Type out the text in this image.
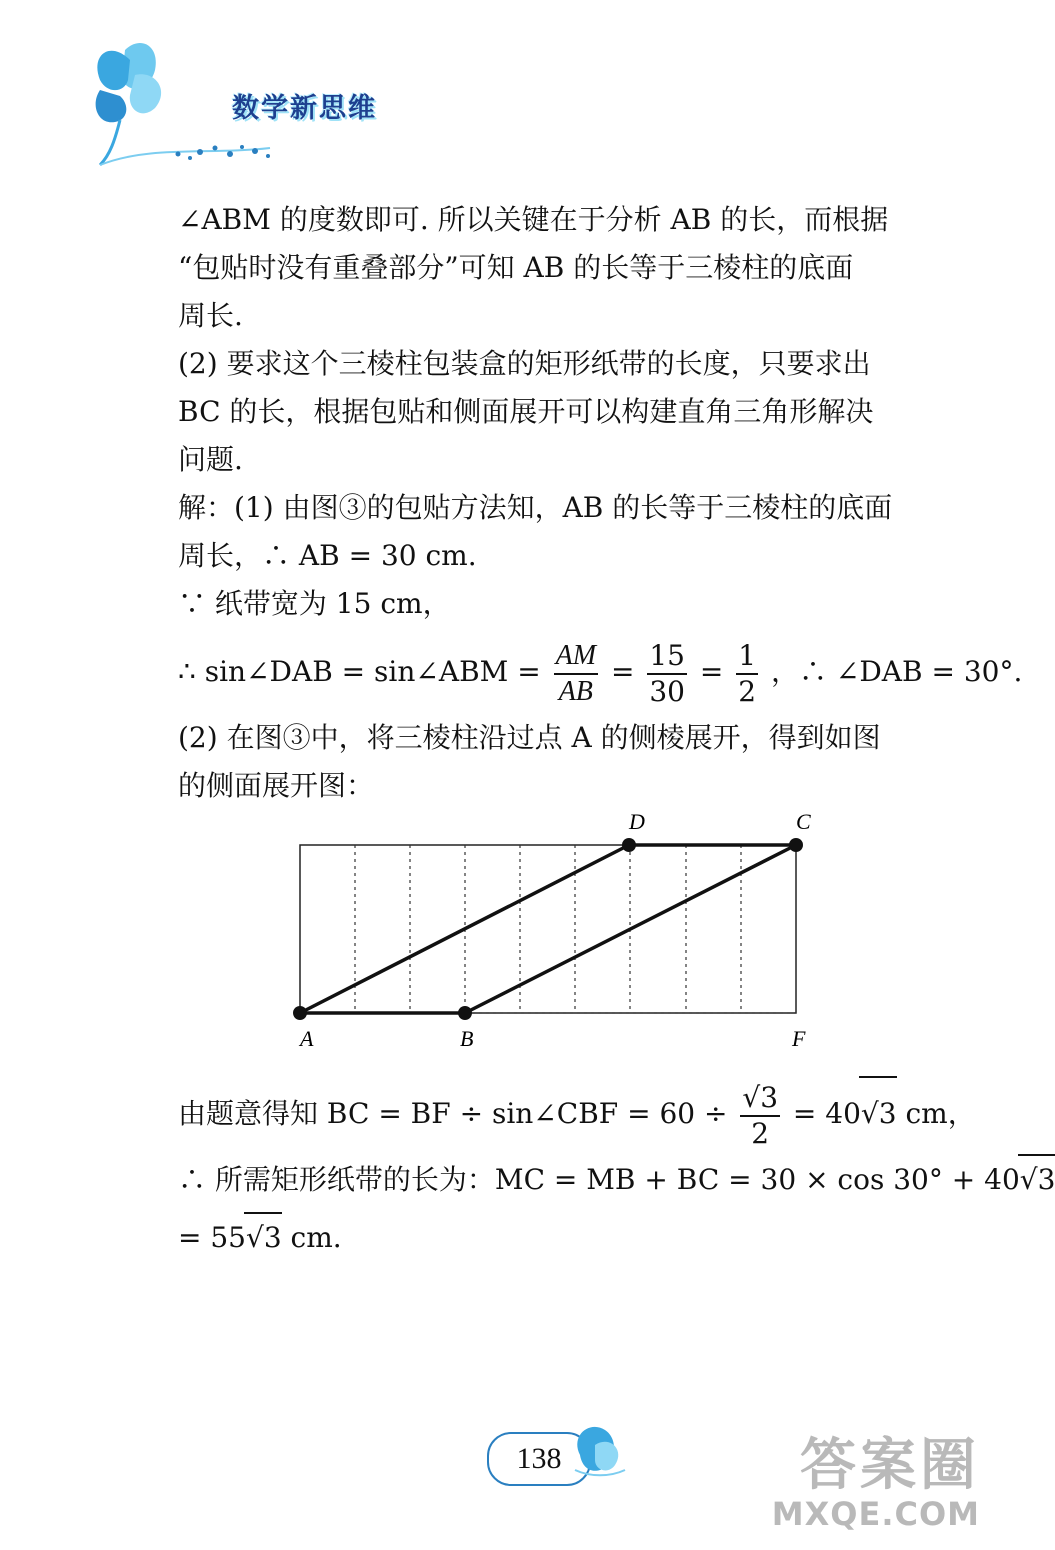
数学新思维
∠ABM 的度数即可. 所以关键在于分析 AB 的长，而根据
“包贴时没有重叠部分”可知 AB 的长等于三棱柱的底面
周长.
(2) 要求这个三棱柱包装盒的矩形纸带的长度，只要求出
BC 的长，根据包贴和侧面展开可以构建直角三角形解决
问题.
解：(1) 由图③的包贴方法知，AB 的长等于三棱柱的底面
周长，∴ AB = 30 cm.
∵ 纸带宽为 15 cm，
∴ sin∠DAB = sin∠ABM = $\frac{AM}{AB} = \frac{15}{30} = \frac{1}{2}$ ，∴ ∠DAB = 30°.
(2) 在图③中，将三棱柱沿过点 A 的侧棱展开，得到如图
的侧面展开图：
A	B	F
D	C
由题意得知 BC = BF ÷ sin∠CBF = $60 \div \frac{√3}{2} = 40√3$ cm，
∴ 所需矩形纸带的长为：MC = MB + BC = 30 × cos 30° + 40√3
= 55√3 cm.
138	答案圈
MXQE.COM
